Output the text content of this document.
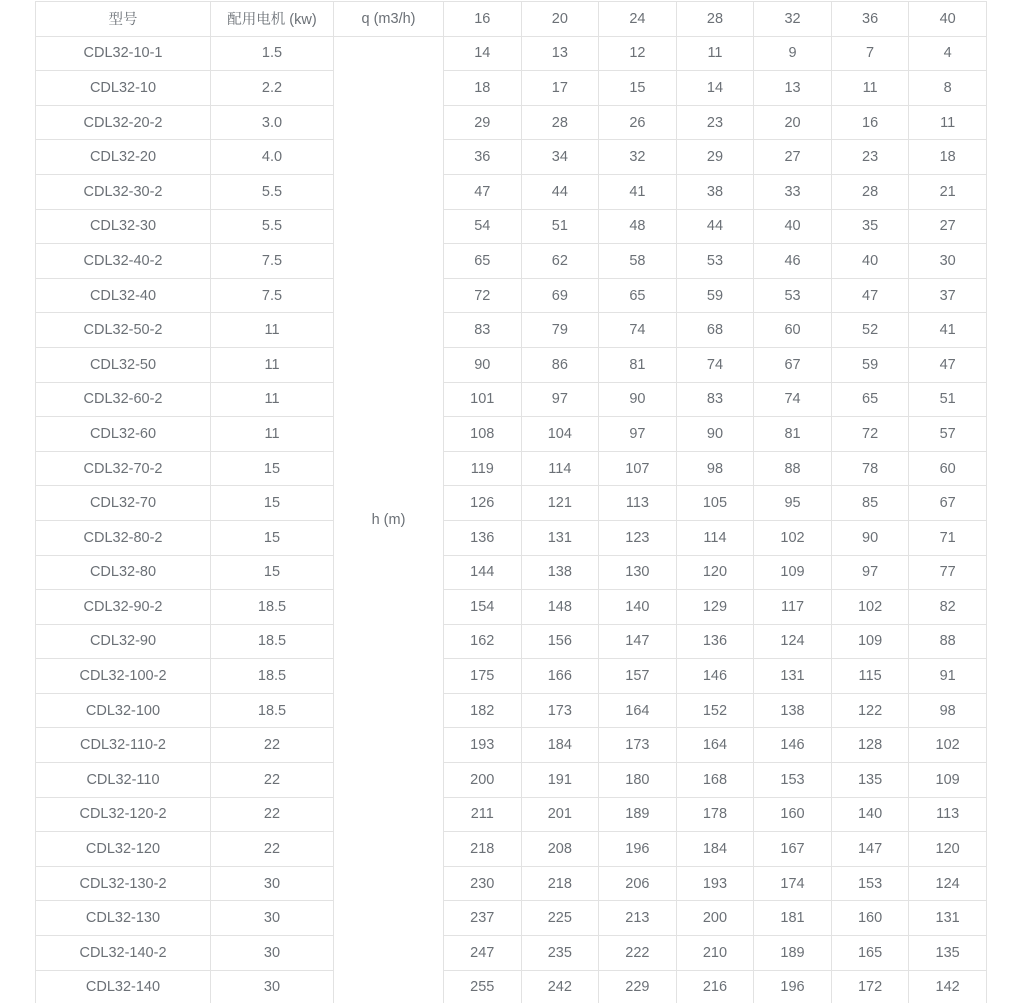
型号	配用电机 (kw)	q (m3/h)	16	20	24	28	32	36	40
CDL32-10-1	1.5	h (m)	14	13	12	11	9	7	4
CDL32-10	2.2		18	17	15	14	13	11	8
CDL32-20-2	3.0		29	28	26	23	20	16	11
CDL32-20	4.0		36	34	32	29	27	23	18
CDL32-30-2	5.5		47	44	41	38	33	28	21
CDL32-30	5.5		54	51	48	44	40	35	27
CDL32-40-2	7.5		65	62	58	53	46	40	30
CDL32-40	7.5		72	69	65	59	53	47	37
CDL32-50-2	11		83	79	74	68	60	52	41
CDL32-50	11		90	86	81	74	67	59	47
CDL32-60-2	11		101	97	90	83	74	65	51
CDL32-60	11		108	104	97	90	81	72	57
CDL32-70-2	15		119	114	107	98	88	78	60
CDL32-70	15		126	121	113	105	95	85	67
CDL32-80-2	15		136	131	123	114	102	90	71
CDL32-80	15		144	138	130	120	109	97	77
CDL32-90-2	18.5		154	148	140	129	117	102	82
CDL32-90	18.5		162	156	147	136	124	109	88
CDL32-100-2	18.5		175	166	157	146	131	115	91
CDL32-100	18.5		182	173	164	152	138	122	98
CDL32-110-2	22		193	184	173	164	146	128	102
CDL32-110	22		200	191	180	168	153	135	109
CDL32-120-2	22		211	201	189	178	160	140	113
CDL32-120	22		218	208	196	184	167	147	120
CDL32-130-2	30		230	218	206	193	174	153	124
CDL32-130	30		237	225	213	200	181	160	131
CDL32-140-2	30		247	235	222	210	189	165	135
CDL32-140	30		255	242	229	216	196	172	142
